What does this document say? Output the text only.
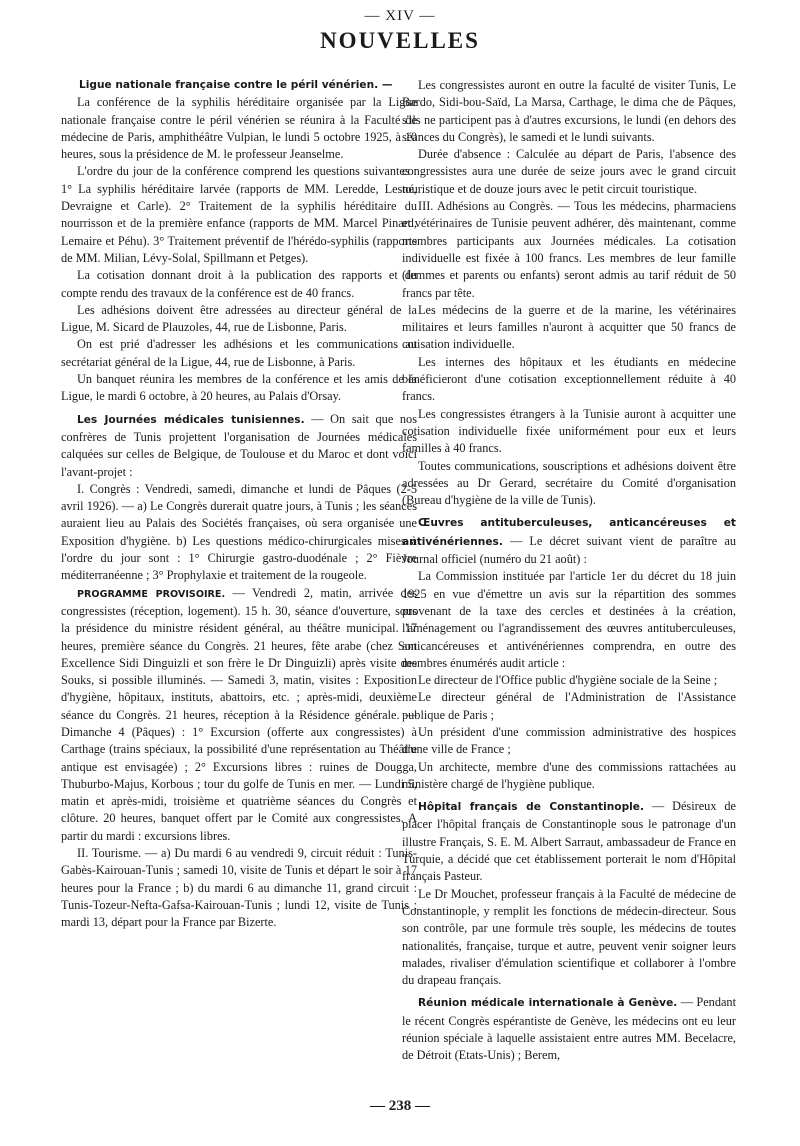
— XIV —
NOUVELLES

Ligue nationale française contre le péril vénérien. —

La conférence de la syphilis héréditaire organisée par la Ligue nationale française contre le péril vénérien se réunira à la Faculté de médecine de Paris, amphithéâtre Vulpian, le lundi 5 octobre 1925, à 10 heures, sous la présidence de M. le professeur Jeanselme.

L'ordre du jour de la conférence comprend les questions suivantes : 1° La syphilis héréditaire larvée (rapports de MM. Leredde, Lesné, Devraigne et Carle). 2° Traitement de la syphilis héréditaire du nourrisson et de la première enfance (rapports de MM. Marcel Pinard, Lemaire et Péhu). 3° Traitement préventif de l'hérédo-syphilis (rapports de MM. Milian, Lévy-Solal, Spillmann et Petges).

La cotisation donnant droit à la publication des rapports et du compte rendu des travaux de la conférence est de 40 francs.

Les adhésions doivent être adressées au directeur général de la Ligue, M. Sicard de Plauzoles, 44, rue de Lisbonne, Paris.

On est prié d'adresser les adhésions et les communications au secrétariat général de la Ligue, 44, rue de Lisbonne, à Paris.

Un banquet réunira les membres de la conférence et les amis de la Ligue, le mardi 6 octobre, à 20 heures, au Palais d'Orsay.

Les Journées médicales tunisiennes. — On sait que nos confrères de Tunis projettent l'organisation de Journées médicales calquées sur celles de Belgique, de Toulouse et du Maroc et dont voici l'avant-projet :

I. Congrès : Vendredi, samedi, dimanche et lundi de Pâques (2-5 avril 1926). — a) Le Congrès durerait quatre jours, à Tunis ; les séances auraient lieu au Palais des Sociétés françaises, où sera organisée une Exposition d'hygiène. b) Les questions médico-chirurgicales mises à l'ordre du jour sont : 1° Chirurgie gastro-duodénale ; 2° Fièvre méditerranéenne ; 3° Prophylaxie et traitement de la rougeole.

PROGRAMME PROVISOIRE. — Vendredi 2, matin, arrivée des congressistes (réception, logement). 15 h. 30, séance d'ouverture, sous la présidence du ministre résident général, au théâtre municipal. 17 heures, première séance du Congrès. 21 heures, fête arabe (chez Son Excellence Sidi Dinguizli et son frère le Dr Dinguizli) après visite des Souks, si possible illuminés. — Samedi 3, matin, visites : Exposition d'hygiène, hôpitaux, instituts, abattoirs, etc. ; après-midi, deuxième séance du Congrès. 21 heures, réception à la Résidence générale. — Dimanche 4 (Pâques) : 1° Excursion (offerte aux congressistes) à Carthage (trains spéciaux, la possibilité d'une représentation au Théâtre antique est envisagée) ; 2° Excursions libres : ruines de Dougga, Thuburbo-Majus, Korbous ; tour du golfe de Tunis en mer. — Lundi 5, matin et après-midi, troisième et quatrième séances du Congrès et clôture. 20 heures, banquet offert par le Comité aux congressistes. A partir du mardi : excursions libres.

II. Tourisme. — a) Du mardi 6 au vendredi 9, circuit réduit : Tunis-Gabès-Kairouan-Tunis ; samedi 10, visite de Tunis et départ le soir à 17 heures pour la France ; b) du mardi 6 au dimanche 11, grand circuit : Tunis-Tozeur-Nefta-Gafsa-Kairouan-Tunis ; lundi 12, visite de Tunis ; mardi 13, départ pour la France par Bizerte.

Les congressistes auront en outre la faculté de visiter Tunis, Le Bardo, Sidi-bou-Saïd, La Marsa, Carthage, le dima che de Pâques, s'ils ne participent pas à d'autres excursions, le lundi (en dehors des séances du Congrès), le samedi et le lundi suivants.

Durée d'absence : Calculée au départ de Paris, l'absence des congressistes aura une durée de seize jours avec le grand circuit touristique et de douze jours avec le petit circuit touristique.

III. Adhésions au Congrès. — Tous les médecins, pharmaciens et vétérinaires de Tunisie peuvent adhérer, dès maintenant, comme membres participants aux Journées médicales. La cotisation individuelle est fixée à 100 francs. Les membres de leur famille (femmes et parents ou enfants) seront admis au tarif réduit de 50 francs par tête.

Les médecins de la guerre et de la marine, les vétérinaires militaires et leurs familles n'auront à acquitter que 50 francs de cotisation individuelle.

Les internes des hôpitaux et les étudiants en médecine bénéficieront d'une cotisation exceptionnellement réduite à 40 francs.

Les congressistes étrangers à la Tunisie auront à acquitter une cotisation individuelle fixée uniformément pour eux et leurs familles à 40 francs.

Toutes communications, souscriptions et adhésions doivent être adressées au Dr Gerard, secrétaire du Comité d'organisation (Bureau d'hygiène de la ville de Tunis).

Œuvres antituberculeuses, anticancéreuses et antivénériennes. — Le décret suivant vient de paraître au Journal officiel (numéro du 21 août) :

La Commission instituée par l'article 1er du décret du 18 juin 1925 en vue d'émettre un avis sur la répartition des sommes provenant de la taxe des cercles et destinées à la création, l'aménagement ou l'agrandissement des œuvres antituberculeuses, anticancéreuses et antivénériennes comprendra, en outre des membres énumérés audit article :

Le directeur de l'Office public d'hygiène sociale de la Seine ;

Le directeur général de l'Administration de l'Assistance publique de Paris ;

Un président d'une commission administrative des hospices d'une ville de France ;

Un architecte, membre d'une des commissions rattachées au ministère chargé de l'hygiène publique.

Hôpital français de Constantinople. — Désireux de placer l'hôpital français de Constantinople sous le patronage d'un illustre Français, S. E. M. Albert Sarraut, ambassadeur de France en Turquie, a décidé que cet établissement porterait le nom d'Hôpital français Pasteur.

Le Dr Mouchet, professeur français à la Faculté de médecine de Constantinople, y remplit les fonctions de médecin-directeur. Sous son contrôle, par une formule très souple, les médecins de toutes nationalités, française, turque et autre, peuvent venir soigner leurs malades, rivaliser d'émulation scientifique et collaborer à l'ombre du drapeau français.

Réunion médicale internationale à Genève. — Pendant le récent Congrès espérantiste de Genève, les médecins ont eu leur réunion spéciale à laquelle assistaient entre autres MM. Becelacre, de Détroit (Etats-Unis) ; Berem,

— 238 —
